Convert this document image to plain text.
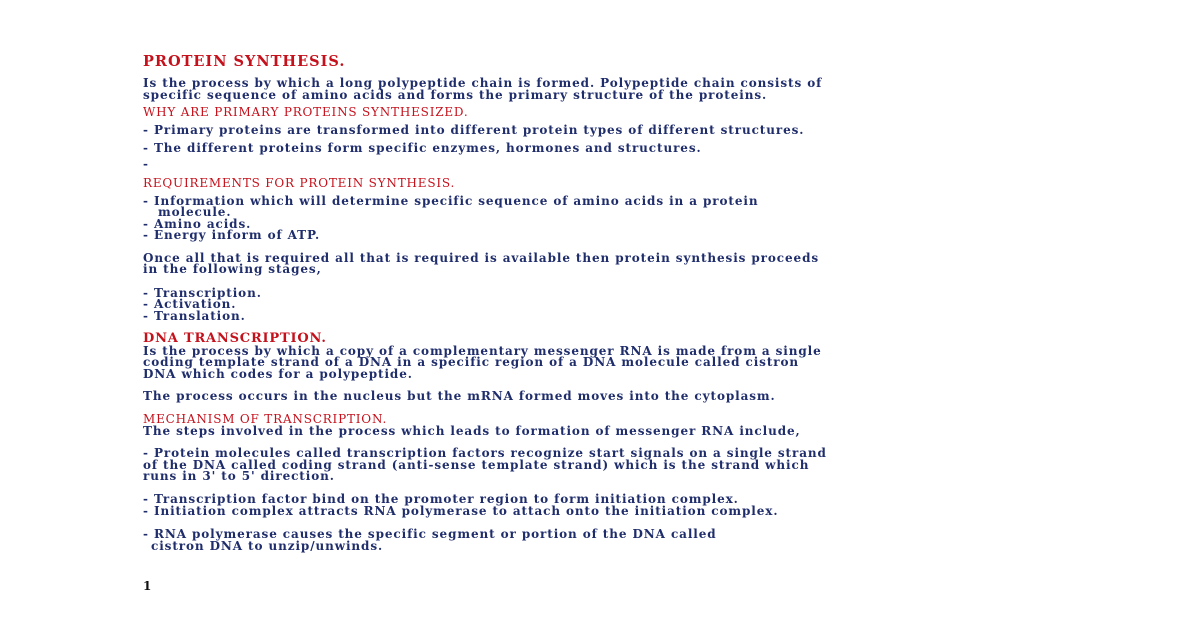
PROTEIN SYNTHESIS.
Is the process by which a long polypeptide chain is formed. Polypeptide chain consists of
specific sequence of amino acids and forms the primary structure of the proteins.
WHY ARE PRIMARY PROTEINS SYNTHESIZED.
- Primary proteins are transformed into different protein types of different structures.
- The different proteins form specific enzymes, hormones and structures.
-
REQUIREMENTS FOR PROTEIN SYNTHESIS.
- Information which will determine specific sequence of amino acids in a protein
molecule.
- Amino acids.
- Energy inform of ATP.
Once all that is required all that is required is available then protein synthesis proceeds
in the following stages,
- Transcription.
- Activation.
- Translation.
DNA TRANSCRIPTION.
Is the process by which a copy of a complementary messenger RNA is made from a single
coding template strand of a DNA in a specific region of a DNA molecule called cistron
DNA which codes for a polypeptide.
The process occurs in the nucleus but the mRNA formed moves into the cytoplasm.
MECHANISM OF TRANSCRIPTION.
The steps involved in the process which leads to formation of messenger RNA include,
- Protein molecules called transcription factors recognize start signals on a single strand
of the DNA called coding strand (anti-sense template strand) which is the strand which
runs in 3' to 5' direction.
- Transcription factor bind on the promoter region to form initiation complex.
- Initiation complex attracts RNA polymerase to attach onto the initiation complex.
- RNA polymerase causes the specific segment or portion of the DNA called
cistron DNA to unzip/unwinds.
1
